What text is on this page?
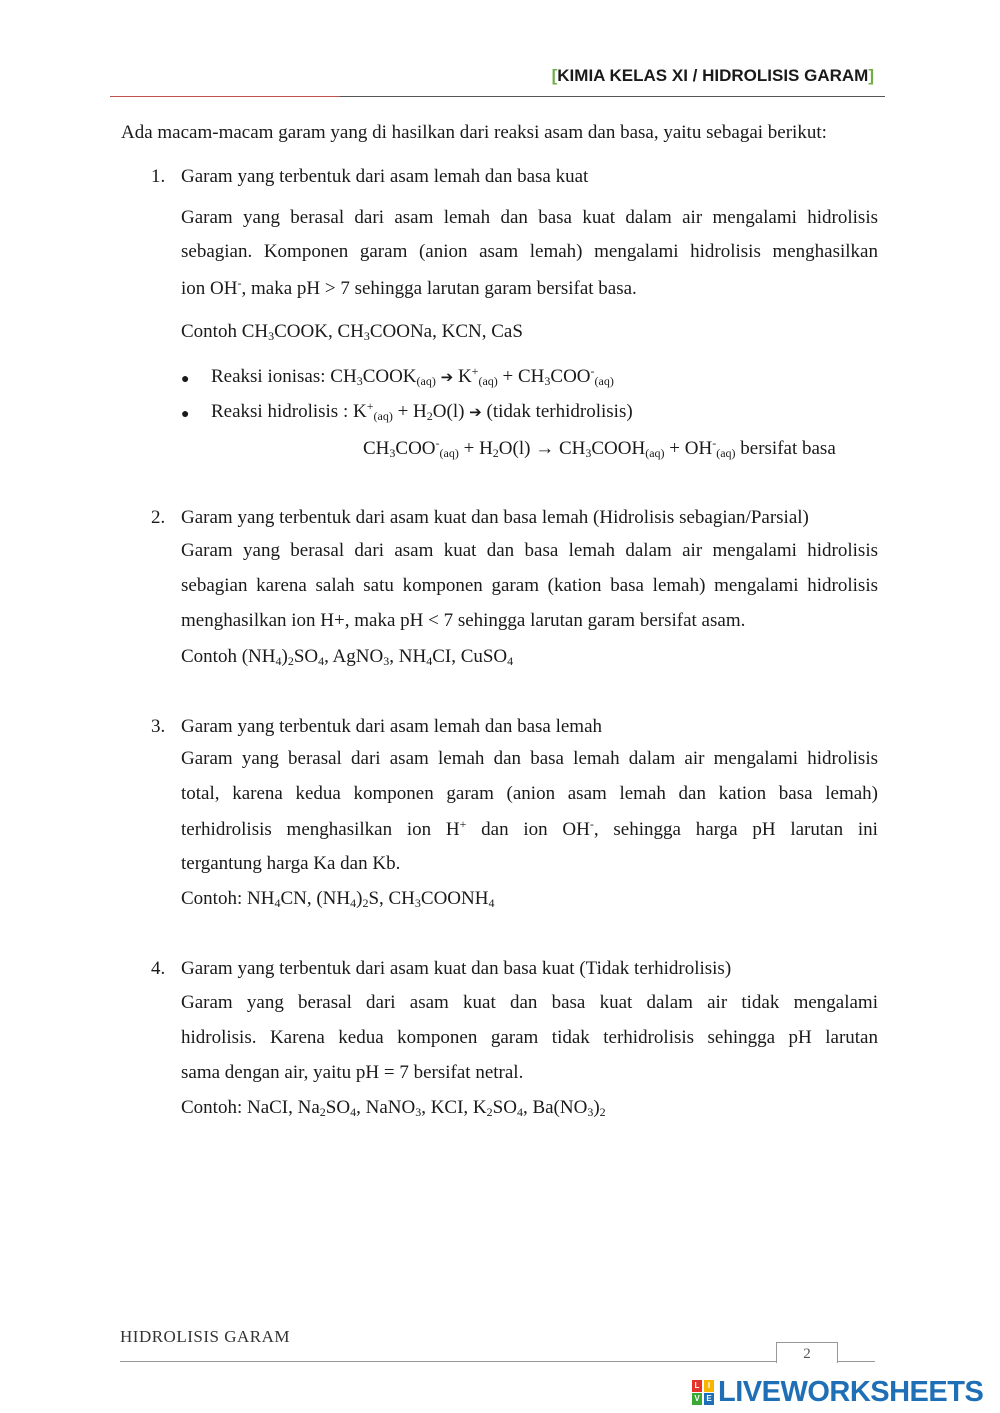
[KIMIA KELAS XI / HIDROLISIS GARAM]
Ada macam-macam garam yang di hasilkan dari reaksi asam dan basa, yaitu sebagai berikut:
1. Garam yang terbentuk dari asam lemah dan basa kuat
Garam yang berasal dari asam lemah dan basa kuat dalam air mengalami hidrolisis
sebagian. Komponen garam (anion asam lemah) mengalami hidrolisis menghasilkan
ion OH-, maka pH > 7 sehingga larutan garam bersifat basa.
Contoh $CH_3COOK$, $CH_3COONa$, KCN, CaS
● Reaksi ionisas: $CH_3COOK_{(aq)}$ ➔ $K^+_{(aq)} + CH_3COO^-_{(aq)}$
● Reaksi hidrolisis : $K^+_{(aq)} + H_2O(l)$ ➔ (tidak terhidrolisis)
$CH_3COO^-_{(aq)} + H_2O(l)$ → $CH_3COOH_{(aq)} + OH^-_{(aq)}$ bersifat basa
2. Garam yang terbentuk dari asam kuat dan basa lemah (Hidrolisis sebagian/Parsial)
Garam yang berasal dari asam kuat dan basa lemah dalam air mengalami hidrolisis
sebagian karena salah satu komponen garam (kation basa lemah) mengalami hidrolisis
menghasilkan ion H+, maka pH < 7 sehingga larutan garam bersifat asam.
Contoh $(NH_4)_2SO_4$, AgNO$_3$, $NH_4CI$, CuSO$_4$
3. Garam yang terbentuk dari asam lemah dan basa lemah
Garam yang berasal dari asam lemah dan basa lemah dalam air mengalami hidrolisis
total, karena kedua komponen garam (anion asam lemah dan kation basa lemah)
terhidrolisis menghasilkan ion H+ dan ion OH-, sehingga harga pH larutan ini
tergantung harga Ka dan Kb.
Contoh: $NH_4CN$, $(NH_4)_2S$, $CH_3COONH_4$
4. Garam yang terbentuk dari asam kuat dan basa kuat (Tidak terhidrolisis)
Garam yang berasal dari asam kuat dan basa kuat dalam air tidak mengalami
hidrolisis. Karena kedua komponen garam tidak terhidrolisis sehingga pH larutan
sama dengan air, yaitu pH = 7 bersifat netral.
Contoh: NaCI, $Na_2SO_4$, NaNO$_3$, KCI, $K_2SO_4$, $Ba(NO_3)_2$
HIDROLISIS GARAM
2
L	I
V E LIVEWORKSHEETS
